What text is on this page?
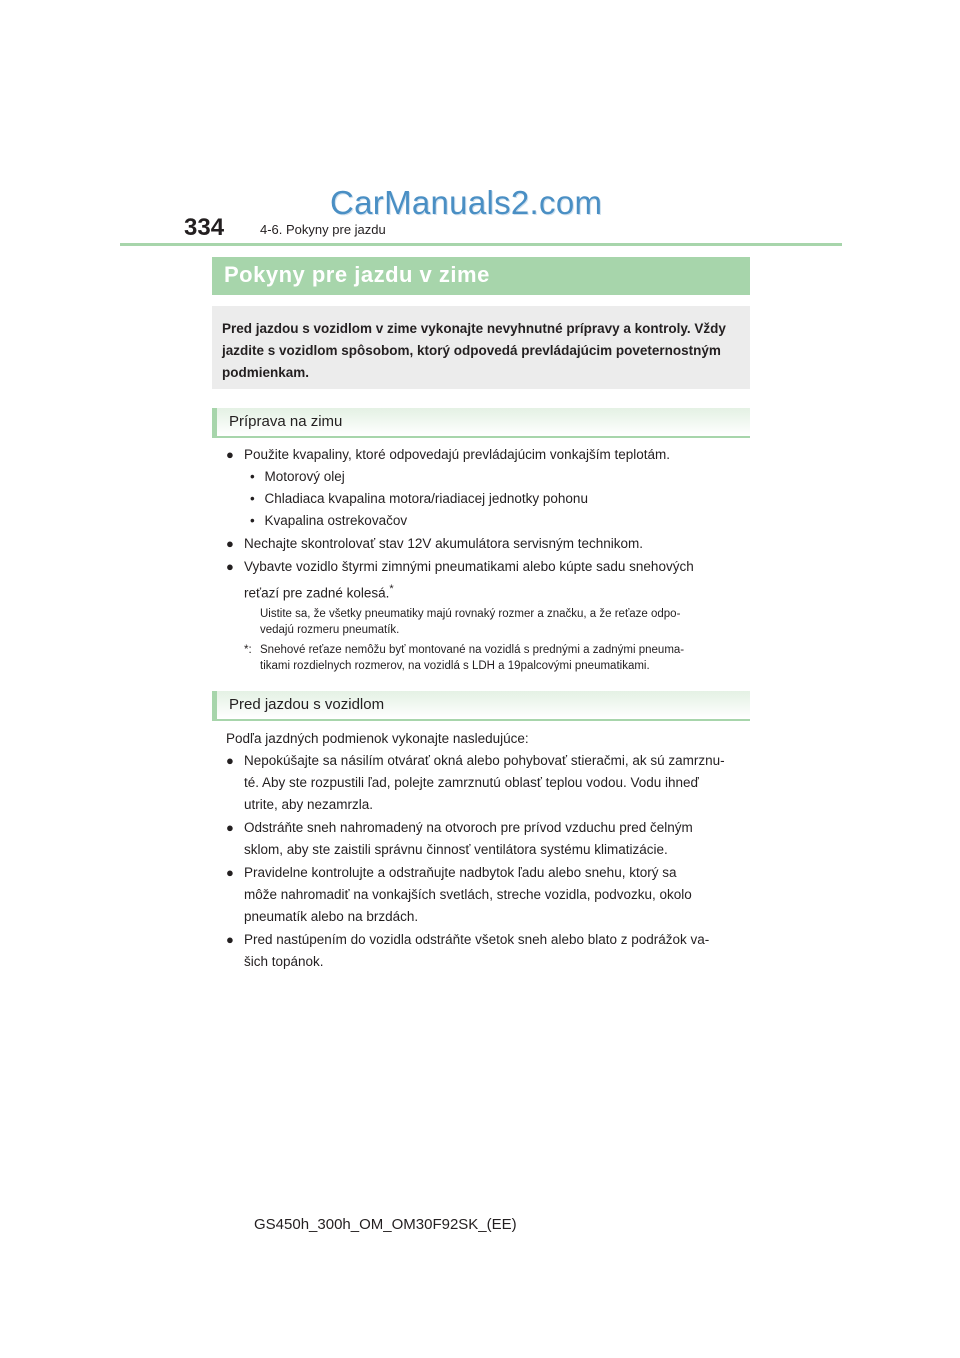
CarManuals2.com
334	4-6. Pokyny pre jazdu
Pokyny pre jazdu v zime
Pred jazdou s vozidlom v zime vykonajte nevyhnutné prípravy a kontroly. Vždy
jazdite s vozidlom spôsobom, ktorý odpovedá prevládajúcim poveternostným
podmienkam.
Príprava na zimu
● Použite kvapaliny, ktoré odpovedajú prevládajúcim vonkajším teplotám.
• Motorový olej
• Chladiaca kvapalina motora/riadiacej jednotky pohonu
• Kvapalina ostrekovačov
● Nechajte skontrolovať stav 12V akumulátora servisným technikom.
● Vybavte vozidlo štyrmi zimnými pneumatikami alebo kúpte sadu snehových
reťazí pre zadné kolesá.*
Uistite sa, že všetky pneumatiky majú rovnaký rozmer a značku, a že reťaze odpo-
vedajú rozmeru pneumatík.
*: Snehové reťaze nemôžu byť montované na vozidlá s prednými a zadnými pneuma-
tikami rozdielnych rozmerov, na vozidlá s LDH a 19palcovými pneumatikami.
Pred jazdou s vozidlom
Podľa jazdných podmienok vykonajte nasledujúce:
● Nepokúšajte sa násilím otvárať okná alebo pohybovať stieračmi, ak sú zamrznu-
té. Aby ste rozpustili ľad, polejte zamrznutú oblasť teplou vodou. Vodu ihneď
utrite, aby nezamrzla.
● Odstráňte sneh nahromadený na otvoroch pre prívod vzduchu pred čelným
sklom, aby ste zaistili správnu činnosť ventilátora systému klimatizácie.
● Pravidelne kontrolujte a odstraňujte nadbytok ľadu alebo snehu, ktorý sa
môže nahromadiť na vonkajších svetlách, streche vozidla, podvozku, okolo
pneumatík alebo na brzdách.
● Pred nastúpením do vozidla odstráňte všetok sneh alebo blato z podrážok va-
šich topánok.
GS450h_300h_OM_OM30F92SK_(EE)
